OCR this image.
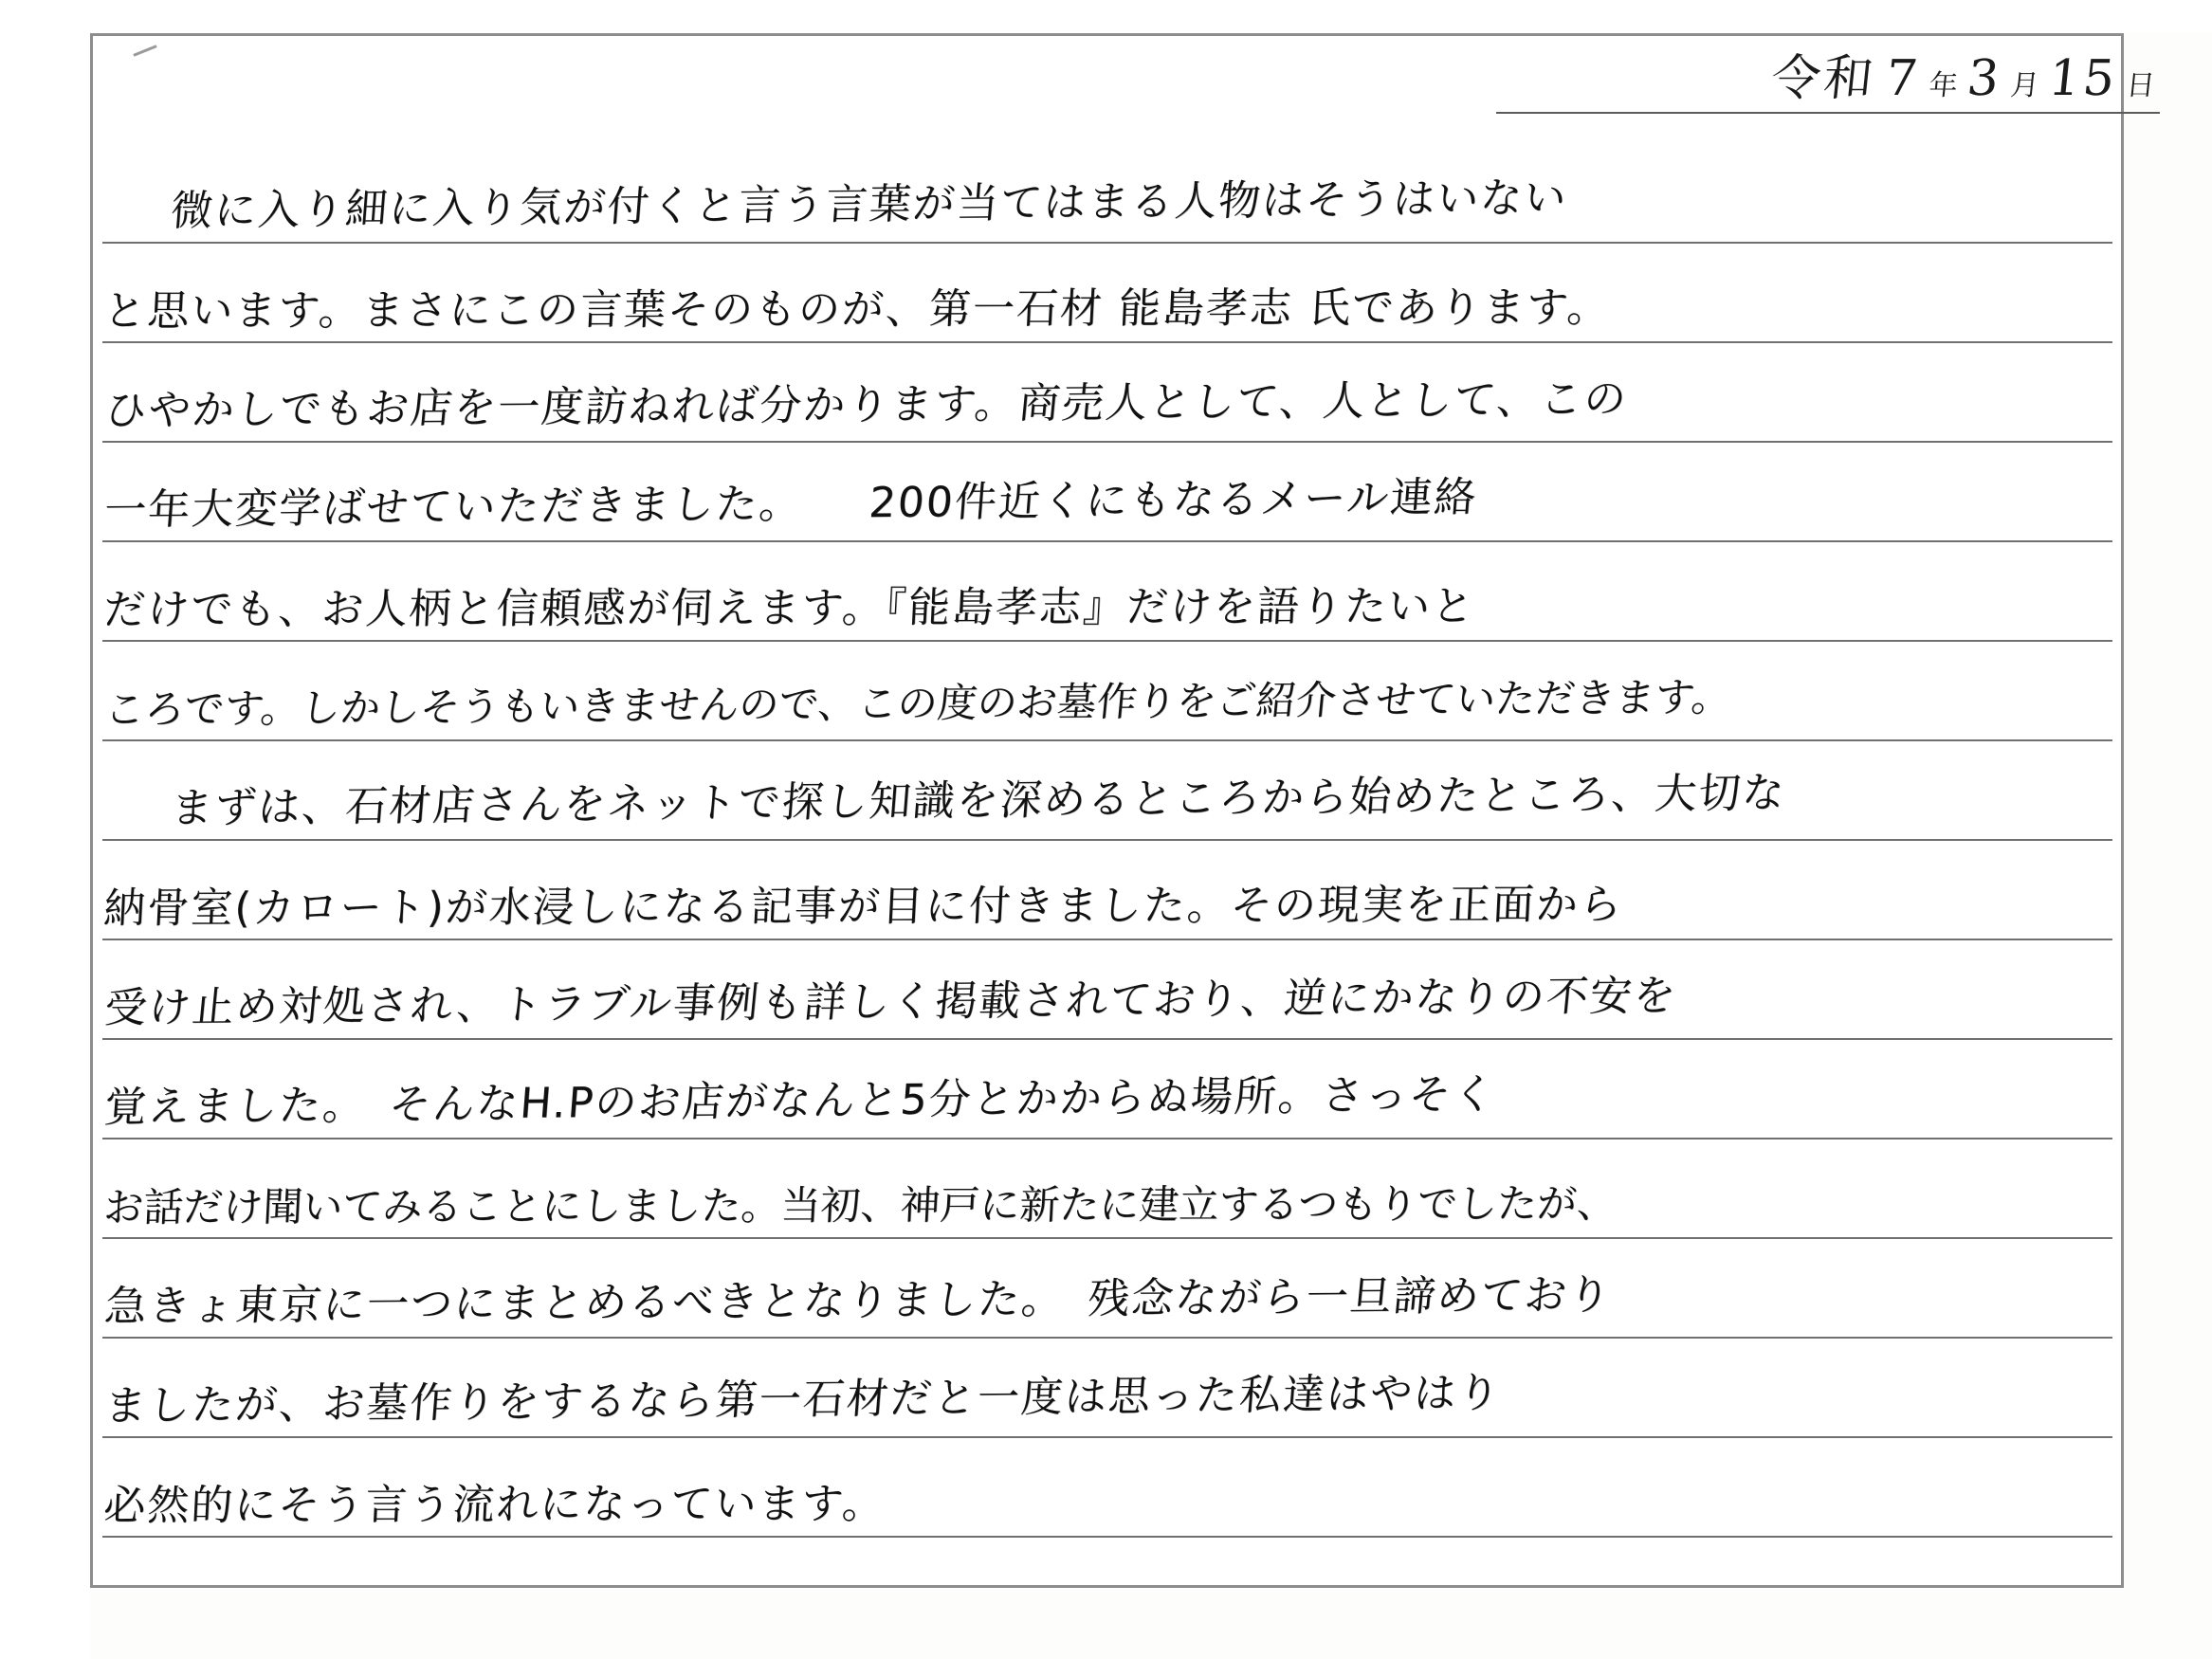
令和 7 年 3 月 15 日
微に入り細に入り気が付くと言う言葉が当てはまる人物はそうはいない
と思います。まさにこの言葉そのものが、第一石材 能島孝志 氏であります。
ひやかしでもお店を一度訪ねれば分かります。商売人として、人として、この
一年大変学ばせていただきました。　　200件近くにもなるメール連絡
だけでも、お人柄と信頼感が伺えます。『能島孝志』だけを語りたいと
ころです。しかしそうもいきませんので、この度のお墓作りをご紹介させていただきます。
まずは、石材店さんをネットで探し知識を深めるところから始めたところ、大切な
納骨室(カロート)が水浸しになる記事が目に付きました。その現実を正面から
受け止め対処され、トラブル事例も詳しく掲載されており、逆にかなりの不安を
覚えました。　そんなH.Pのお店がなんと5分とかからぬ場所。さっそく
お話だけ聞いてみることにしました。当初、神戸に新たに建立するつもりでしたが、
急きょ東京に一つにまとめるべきとなりました。　残念ながら一旦諦めており
ましたが、お墓作りをするなら第一石材だと一度は思った私達はやはり
必然的にそう言う流れになっています。
